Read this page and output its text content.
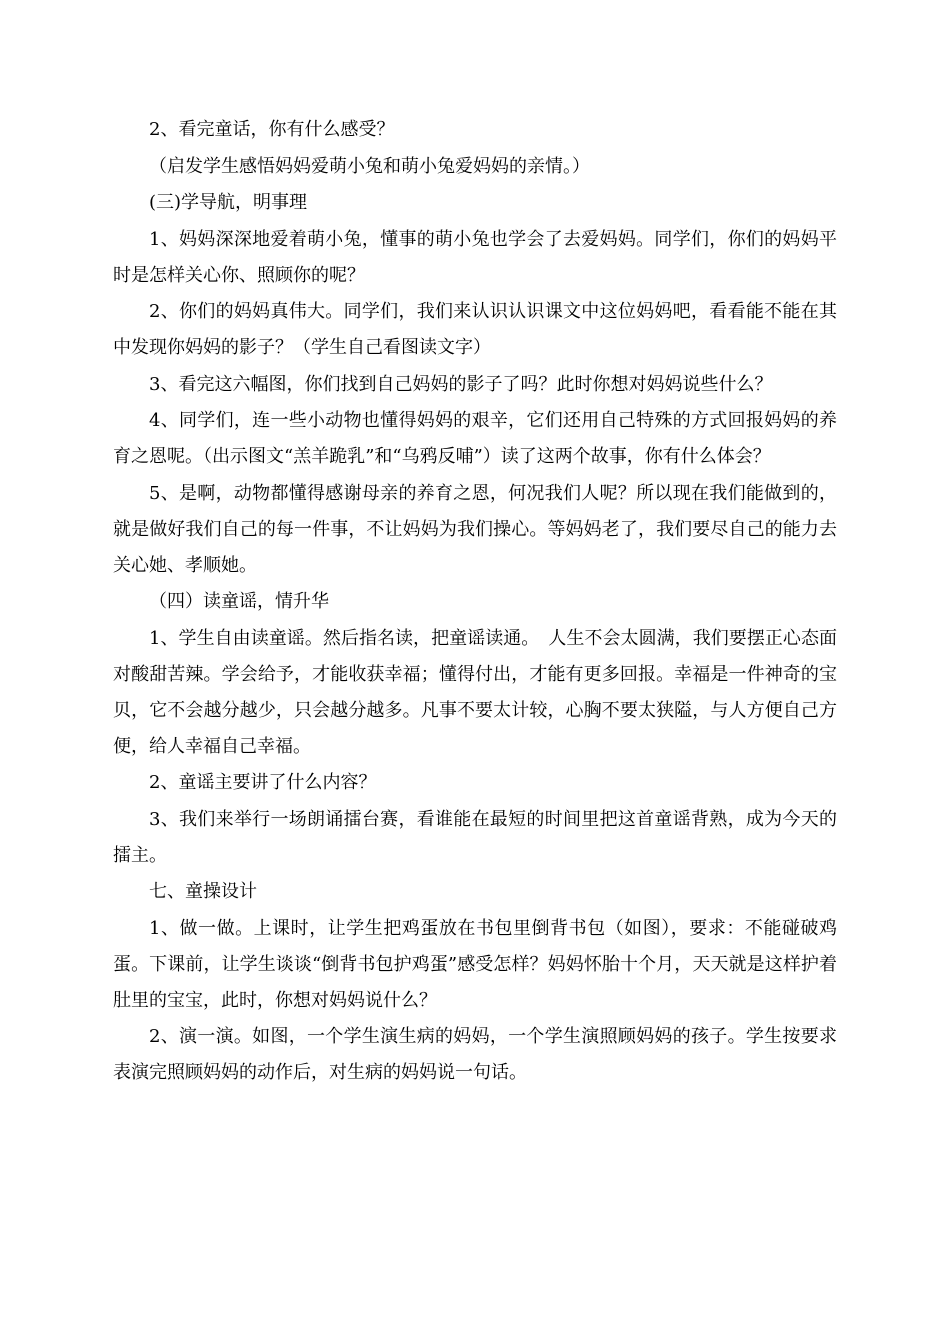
2、看完童话，你有什么感受？

（启发学生感悟妈妈爱萌小兔和萌小兔爱妈妈的亲情。）

(三)学导航，明事理

1、妈妈深深地爱着萌小兔，懂事的萌小兔也学会了去爱妈妈。同学们，你们的妈妈平时是怎样关心你、照顾你的呢？

2、你们的妈妈真伟大。同学们，我们来认识认识课文中这位妈妈吧，看看能不能在其中发现你妈妈的影子？（学生自己看图读文字）

3、看完这六幅图，你们找到自己妈妈的影子了吗？此时你想对妈妈说些什么？

4、同学们，连一些小动物也懂得妈妈的艰辛，它们还用自己特殊的方式回报妈妈的养育之恩呢。（出示图文“羔羊跪乳”和“乌鸦反哺”）读了这两个故事，你有什么体会？

5、是啊，动物都懂得感谢母亲的养育之恩，何况我们人呢？所以现在我们能做到的，就是做好我们自己的每一件事，不让妈妈为我们操心。等妈妈老了，我们要尽自己的能力去关心她、孝顺她。

（四）读童谣，情升华

1、学生自由读童谣。然后指名读，把童谣读通。　人生不会太圆满，我们要摆正心态面对酸甜苦辣。学会给予，才能收获幸福；懂得付出，才能有更多回报。幸福是一件神奇的宝贝，它不会越分越少，只会越分越多。凡事不要太计较，心胸不要太狭隘，与人方便自己方便，给人幸福自己幸福。

2、童谣主要讲了什么内容？

3、我们来举行一场朗诵擂台赛，看谁能在最短的时间里把这首童谣背熟，成为今天的擂主。

七、童操设计

1、做一做。上课时，让学生把鸡蛋放在书包里倒背书包（如图），要求：不能碰破鸡蛋。下课前，让学生谈谈“倒背书包护鸡蛋”感受怎样？妈妈怀胎十个月，天天就是这样护着肚里的宝宝，此时，你想对妈妈说什么？

2、演一演。如图，一个学生演生病的妈妈，一个学生演照顾妈妈的孩子。学生按要求表演完照顾妈妈的动作后，对生病的妈妈说一句话。
